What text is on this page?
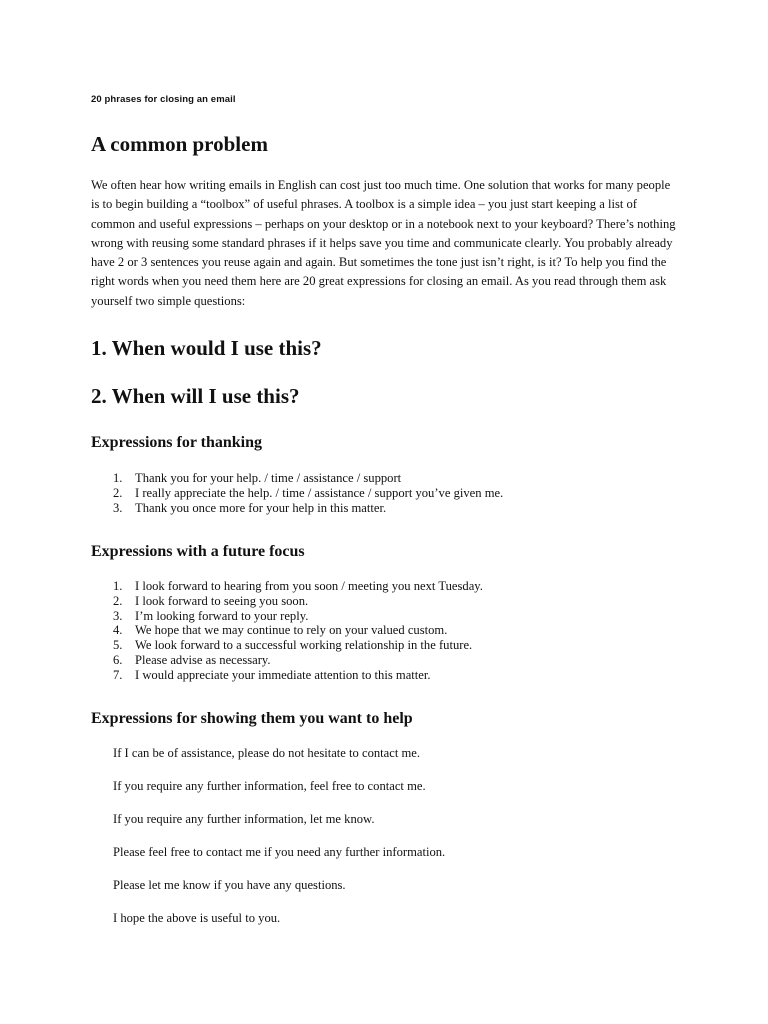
20 phrases for closing an email
A common problem

We often hear how writing emails in English can cost just too much time. One solution that works for many people is to begin building a “toolbox” of useful phrases. A toolbox is a simple idea – you just start keeping a list of common and useful expressions – perhaps on your desktop or in a notebook next to your keyboard? There’s nothing wrong with reusing some standard phrases if it helps save you time and communicate clearly. You probably already have 2 or 3 sentences you reuse again and again. But sometimes the tone just isn’t right, is it? To help you find the right words when you need them here are 20 great expressions for closing an email. As you read through them ask yourself two simple questions:

1. When would I use this?
2. When will I use this?
Expressions for thanking
1. Thank you for your help. / time / assistance / support
2. I really appreciate the help. / time / assistance / support you’ve given me.
3. Thank you once more for your help in this matter.
Expressions with a future focus
1. I look forward to hearing from you soon / meeting you next Tuesday.
2. I look forward to seeing you soon.
3. I’m looking forward to your reply.
4. We hope that we may continue to rely on your valued custom.
5. We look forward to a successful working relationship in the future.
6. Please advise as necessary.
7. I would appreciate your immediate attention to this matter.
Expressions for showing them you want to help

If I can be of assistance, please do not hesitate to contact me.

If you require any further information, feel free to contact me.

If you require any further information, let me know.

Please feel free to contact me if you need any further information.

Please let me know if you have any questions.

I hope the above is useful to you.
